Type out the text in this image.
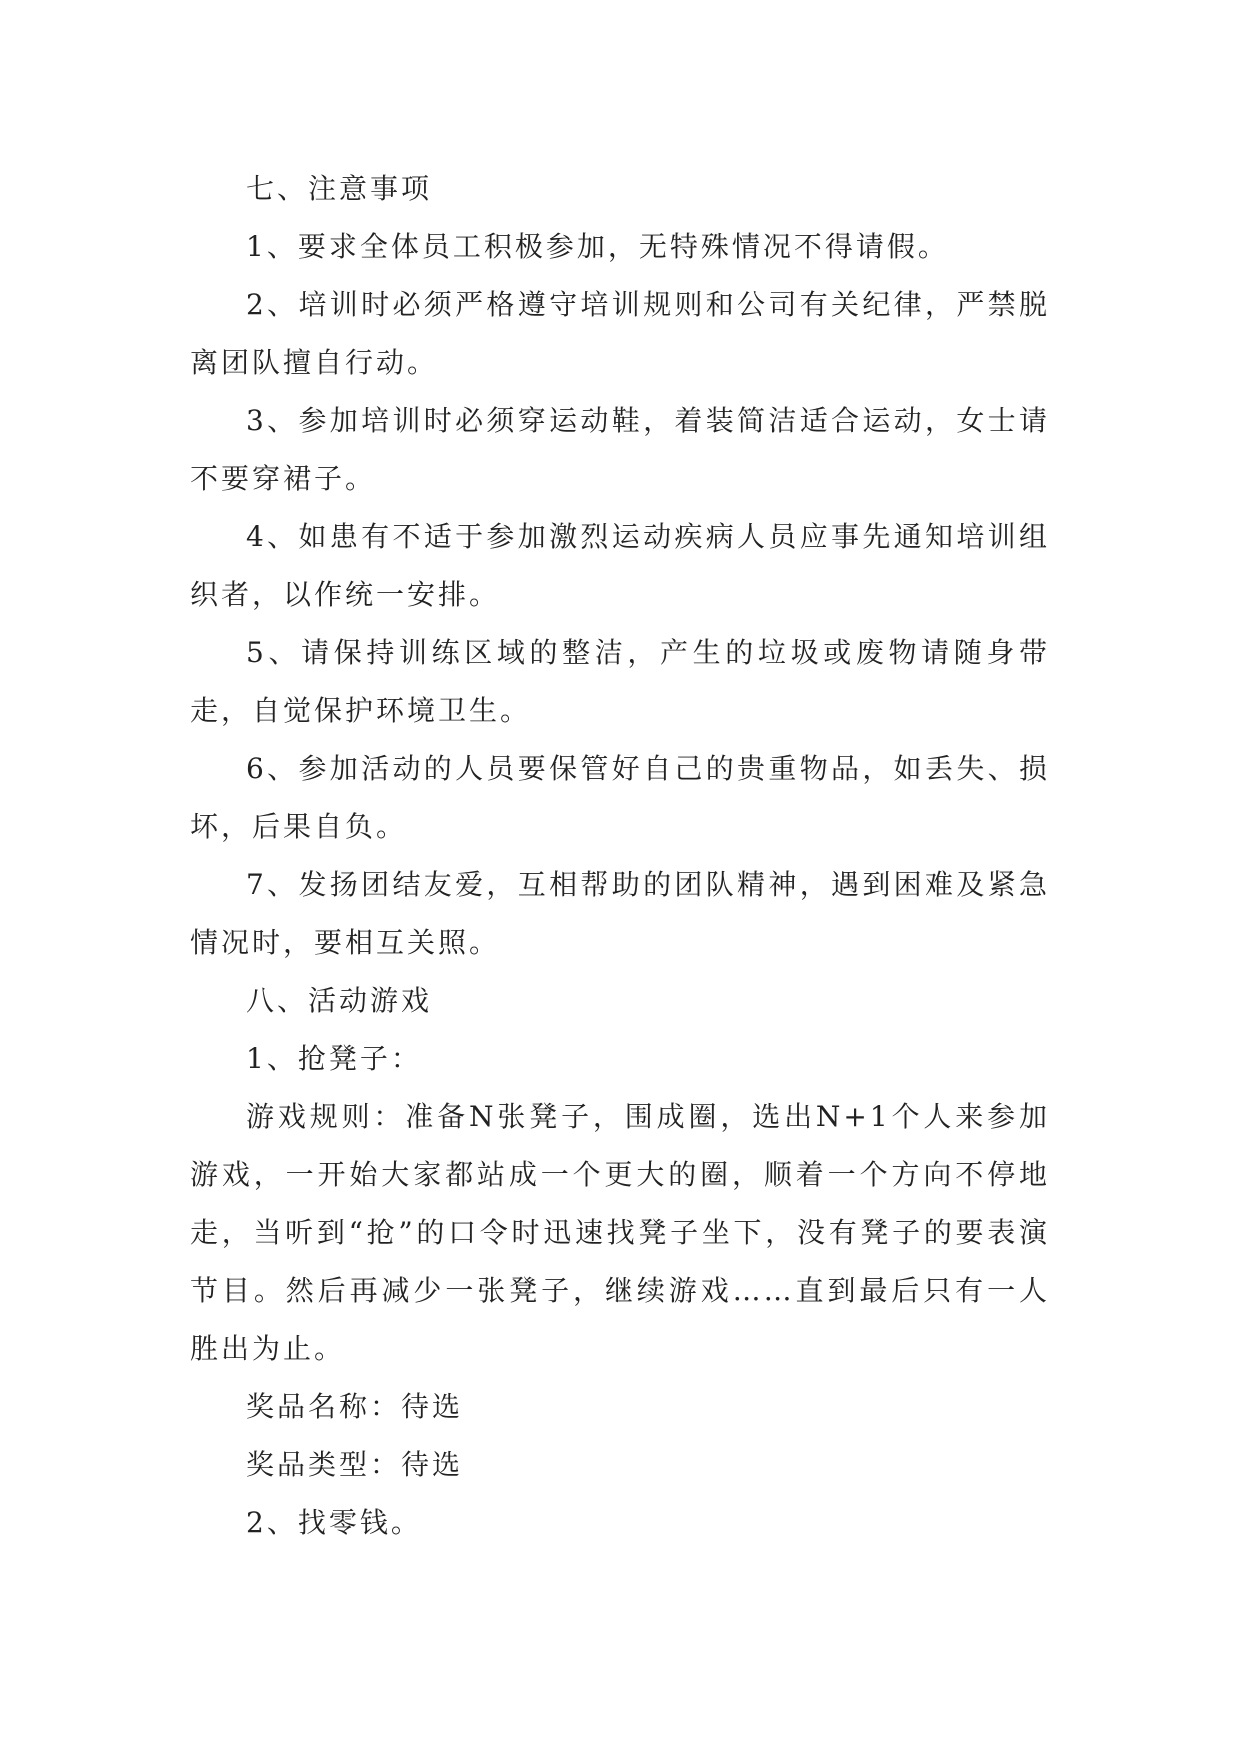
七、注意事项

1、要求全体员工积极参加，无特殊情况不得请假。

2、培训时必须严格遵守培训规则和公司有关纪律，严禁脱离团队擅自行动。

3、参加培训时必须穿运动鞋，着装简洁适合运动，女士请不要穿裙子。

4、如患有不适于参加激烈运动疾病人员应事先通知培训组织者，以作统一安排。

5、请保持训练区域的整洁，产生的垃圾或废物请随身带走，自觉保护环境卫生。

6、参加活动的人员要保管好自己的贵重物品，如丢失、损坏，后果自负。

7、发扬团结友爱，互相帮助的团队精神，遇到困难及紧急情况时，要相互关照。

八、活动游戏

1、抢凳子：

游戏规则：准备N张凳子，围成圈，选出N+1个人来参加游戏，一开始大家都站成一个更大的圈，顺着一个方向不停地走，当听到“抢”的口令时迅速找凳子坐下，没有凳子的要表演节目。然后再减少一张凳子，继续游戏……直到最后只有一人胜出为止。

奖品名称：待选

奖品类型：待选

2、找零钱。
